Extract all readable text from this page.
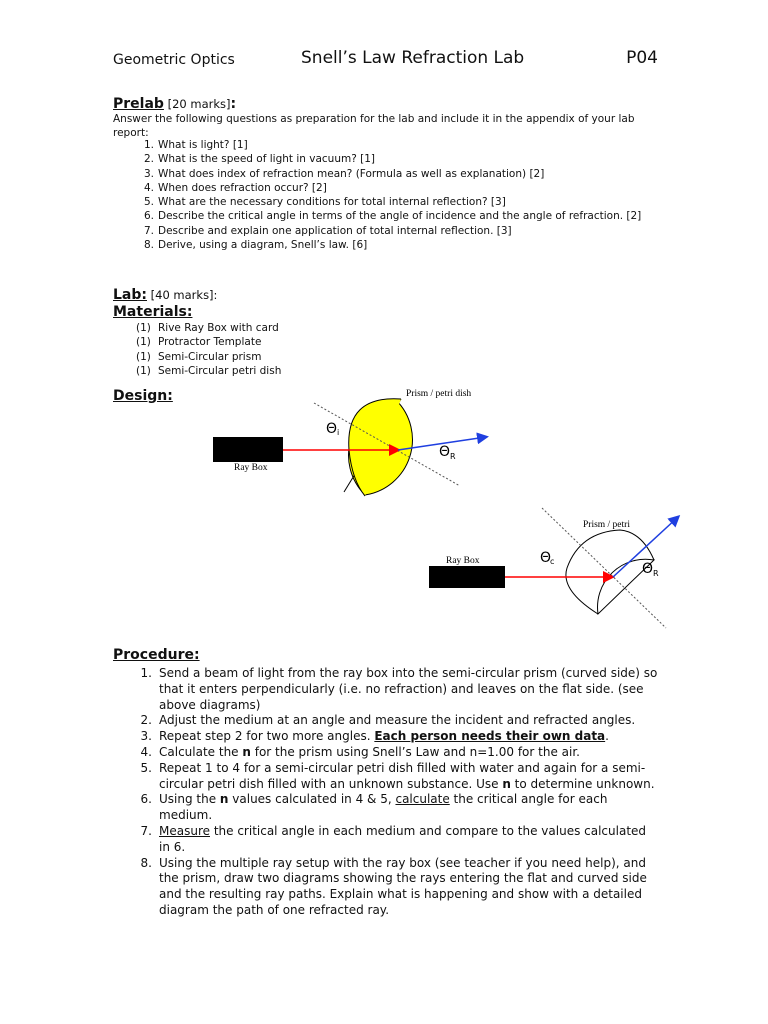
Geometric Optics	Snell’s Law Refraction Lab	P04
Prelab [20 marks]:
Answer the following questions as preparation for the lab and include it in the appendix of your lab report:
1. What is light? [1]
2. What is the speed of light in vacuum? [1]
3. What does index of refraction mean? (Formula as well as explanation) [2]
4. When does refraction occur? [2]
5. What are the necessary conditions for total internal reflection? [3]
6. Describe the critical angle in terms of the angle of incidence and the angle of refraction. [2]
7. Describe and explain one application of total internal reflection. [3]
8. Derive, using a diagram, Snell’s law. [6]
Lab: [40 marks]:
Materials:
(1) Rive Ray Box with card
(1) Protractor Template
(1) Semi-Circular prism
(1) Semi-Circular petri dish
Design:	Prism / petri dish
Ray Box
Θ i
Θ R
Prism / petri
Ray Box	Θ
c	Θ R
Procedure:
1. Send a beam of light from the ray box into the semi-circular prism (curved side) so that it enters perpendicularly (i.e. no refraction) and leaves on the flat side. (see above diagrams)
2. Adjust the medium at an angle and measure the incident and refracted angles.
3. Repeat step 2 for two more angles. Each person needs their own data.
4. Calculate the n for the prism using Snell’s Law and n=1.00 for the air.
5. Repeat 1 to 4 for a semi-circular petri dish filled with water and again for a semi-circular petri dish filled with an unknown substance. Use n to determine unknown.
6. Using the n values calculated in 4 & 5, calculate the critical angle for each medium.
7. Measure the critical angle in each medium and compare to the values calculated in 6.
8. Using the multiple ray setup with the ray box (see teacher if you need help), and the prism, draw two diagrams showing the rays entering the flat and curved side and the resulting ray paths. Explain what is happening and show with a detailed diagram the path of one refracted ray.
